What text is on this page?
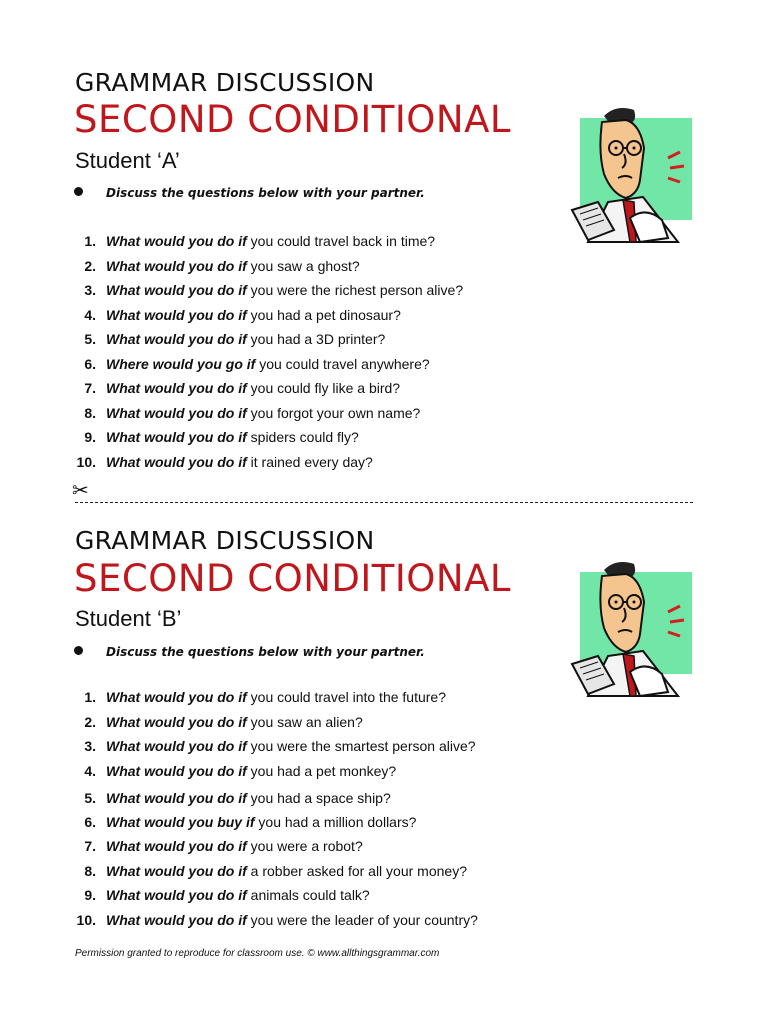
GRAMMAR DISCUSSION
SECOND CONDITIONAL
Student ‘A’
Discuss the questions below with your partner.
1. What would you do if you could travel back in time?
2. What would you do if you saw a ghost?
3. What would you do if you were the richest person alive?
4. What would you do if you had a pet dinosaur?
5. What would you do if you had a 3D printer?
6. Where would you go if you could travel anywhere?
7. What would you do if you could fly like a bird?
8. What would you do if you forgot your own name?
9. What would you do if spiders could fly?
10. What would you do if it rained every day?
✂
GRAMMAR DISCUSSION
SECOND CONDITIONAL
Student ‘B’
Discuss the questions below with your partner.
1. What would you do if you could travel into the future?
2. What would you do if you saw an alien?
3. What would you do if you were the smartest person alive?
4. What would you do if you had a pet monkey?
5. What would you do if you had a space ship?
6. What would you buy if you had a million dollars?
7. What would you do if you were a robot?
8. What would you do if a robber asked for all your money?
9. What would you do if animals could talk?
10. What would you do if you were the leader of your country?
Permission granted to reproduce for classroom use. © www.allthingsgrammar.com
